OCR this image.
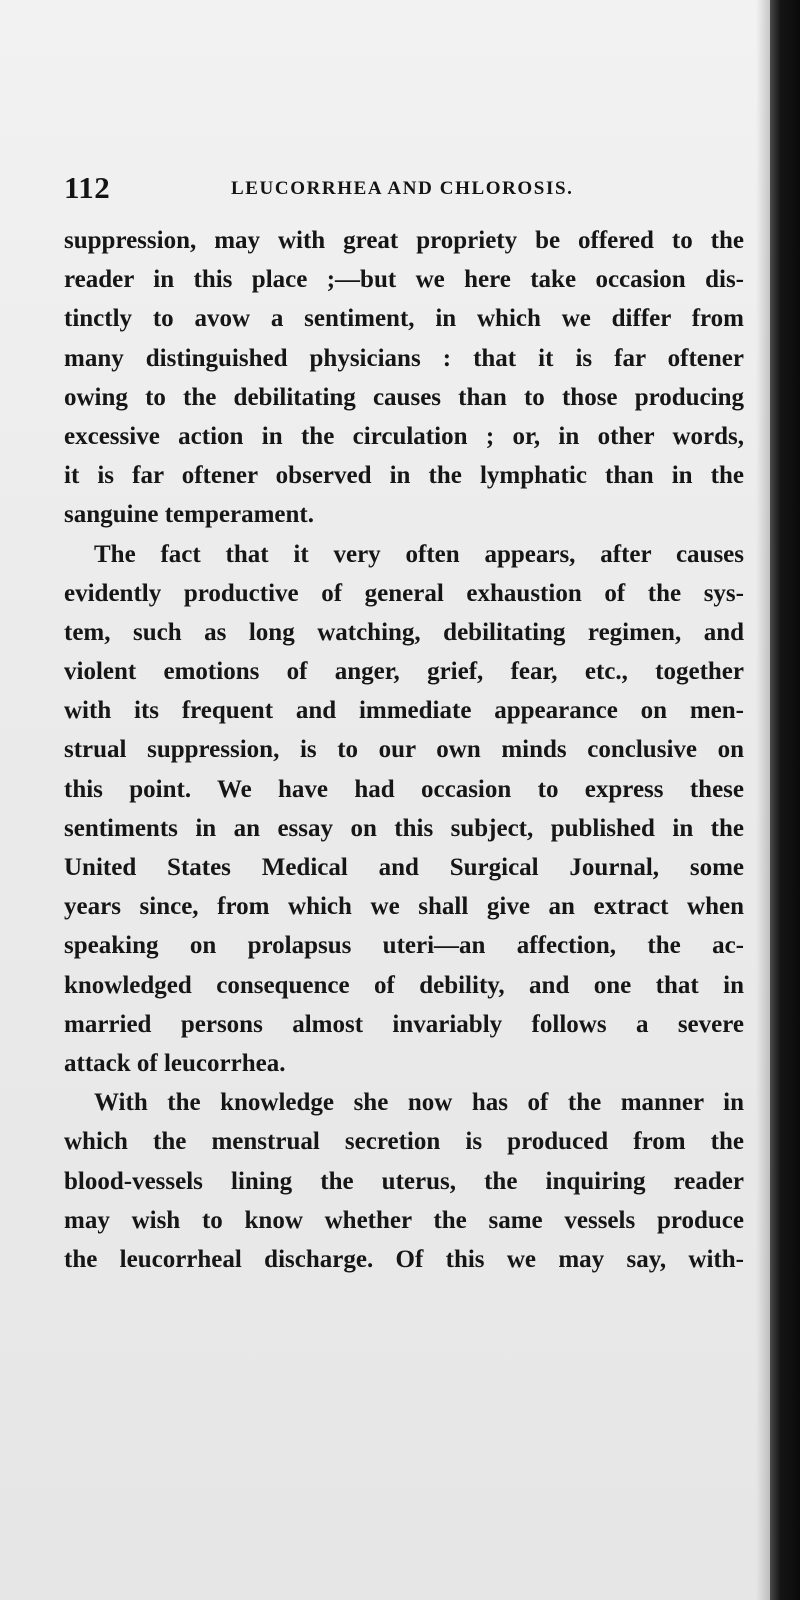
112	LEUCORRHEA AND CHLOROSIS.
suppression, may with great propriety be offered to the
reader in this place ;—but we here take occasion dis-
tinctly to avow a sentiment, in which we differ from
many distinguished physicians : that it is far oftener
owing to the debilitating causes than to those producing
excessive action in the circulation ; or, in other words,
it is far oftener observed in the lymphatic than in the
sanguine temperament.
The fact that it very often appears, after causes
evidently productive of general exhaustion of the sys-
tem, such as long watching, debilitating regimen, and
violent emotions of anger, grief, fear, etc., together
with its frequent and immediate appearance on men-
strual suppression, is to our own minds conclusive on
this point. We have had occasion to express these
sentiments in an essay on this subject, published in the
United States Medical and Surgical Journal, some
years since, from which we shall give an extract when
speaking on prolapsus uteri—an affection, the ac-
knowledged consequence of debility, and one that in
married persons almost invariably follows a severe
attack of leucorrhea.
With the knowledge she now has of the manner in
which the menstrual secretion is produced from the
blood-vessels lining the uterus, the inquiring reader
may wish to know whether the same vessels produce
the leucorrheal discharge. Of this we may say, with-
